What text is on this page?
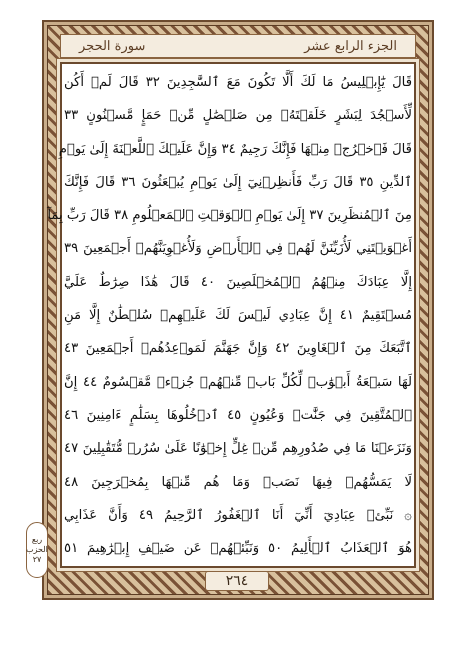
الجزء الرابع عشر
سورة الحجر
قَالَ يَٰٓإِبۡلِيسُ مَا لَكَ أَلَّا تَكُونَ مَعَ ٱلسَّٰجِدِينَ ٣٢ قَالَ لَمۡ أَكُن
لِّأَسۡجُدَ لِبَشَرٍ خَلَقۡتَهُۥ مِن صَلۡصَٰلٍ مِّنۡ حَمَإٍ مَّسۡنُونٍ ٣٣
قَالَ فَٱخۡرُجۡ مِنۡهَا فَإِنَّكَ رَجِيمٌ ٣٤ وَإِنَّ عَلَيۡكَ ٱللَّعۡنَةَ إِلَىٰ يَوۡمِ
ٱلدِّينِ ٣٥ قَالَ رَبِّ فَأَنظِرۡنِيٓ إِلَىٰ يَوۡمِ يُبۡعَثُونَ ٣٦ قَالَ فَإِنَّكَ
مِنَ ٱلۡمُنظَرِينَ ٣٧ إِلَىٰ يَوۡمِ ٱلۡوَقۡتِ ٱلۡمَعۡلُومِ ٣٨ قَالَ رَبِّ بِمَآ
أَغۡوَيۡتَنِي لَأُزَيِّنَنَّ لَهُمۡ فِي ٱلۡأَرۡضِ وَلَأُغۡوِيَنَّهُمۡ أَجۡمَعِينَ ٣٩
إِلَّا عِبَادَكَ مِنۡهُمُ ٱلۡمُخۡلَصِينَ ٤٠ قَالَ هَٰذَا صِرَٰطٌ عَلَيَّ
مُسۡتَقِيمٌ ٤١ إِنَّ عِبَادِي لَيۡسَ لَكَ عَلَيۡهِمۡ سُلۡطَٰنٌ إِلَّا مَنِ
ٱتَّبَعَكَ مِنَ ٱلۡغَاوِينَ ٤٢ وَإِنَّ جَهَنَّمَ لَمَوۡعِدُهُمۡ أَجۡمَعِينَ ٤٣
لَهَا سَبۡعَةُ أَبۡوَٰبٖ لِّكُلِّ بَابٖ مِّنۡهُمۡ جُزۡءٞ مَّقۡسُومٌ ٤٤ إِنَّ
ٱلۡمُتَّقِينَ فِي جَنَّٰتٖ وَعُيُونٍ ٤٥ ٱدۡخُلُوهَا بِسَلَٰمٍ ءَامِنِينَ ٤٦
وَنَزَعۡنَا مَا فِي صُدُورِهِم مِّنۡ غِلٍّ إِخۡوَٰنًا عَلَىٰ سُرُرٖ مُّتَقَٰبِلِينَ ٤٧
لَا يَمَسُّهُمۡ فِيهَا نَصَبٞ وَمَا هُم مِّنۡهَا بِمُخۡرَجِينَ ٤٨
۞ نَبِّئۡ عِبَادِيٓ أَنِّيٓ أَنَا ٱلۡغَفُورُ ٱلرَّحِيمُ ٤٩ وَأَنَّ عَذَابِي
هُوَ ٱلۡعَذَابُ ٱلۡأَلِيمُ ٥٠ وَنَبِّئۡهُمۡ عَن ضَيۡفِ إِبۡرَٰهِيمَ ٥١
ربع
الحزب
٢٧
٢٦٤
